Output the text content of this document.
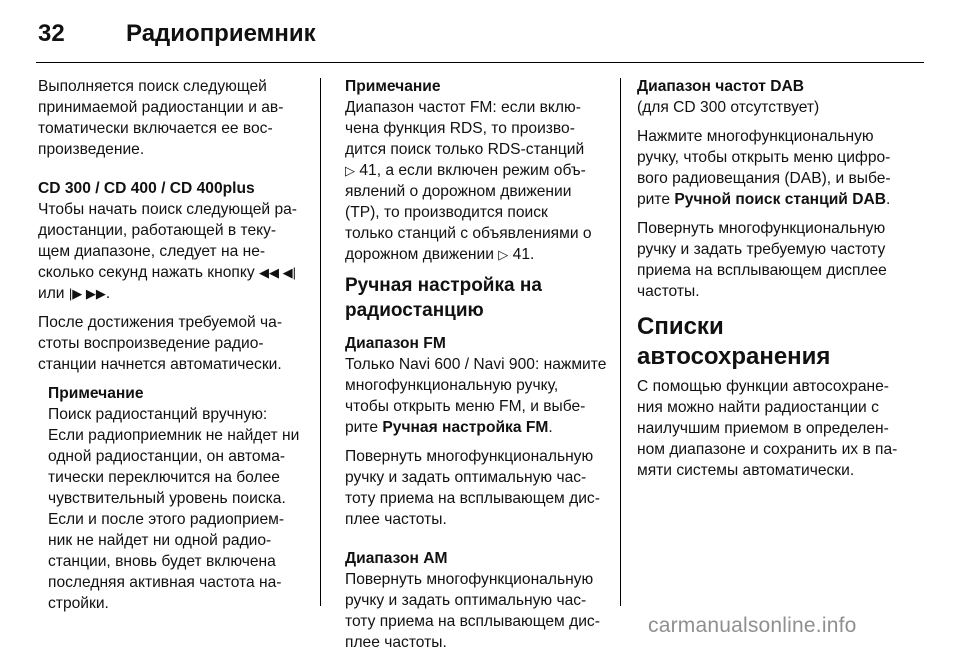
32	Радиоприемник
Выполняется поиск следующей
принимаемой радиостанции и ав-
томатически включается ее вос-
произведение.
CD 300 / CD 400 / CD 400plus
Чтобы начать поиск следующей ра-
диостанции, работающей в теку-
щем диапазоне, следует на не-
сколько секунд нажать кнопку ◀◀ ◀|
или |▶ ▶▶.
После достижения требуемой ча-
стоты воспроизведение радио-
станции начнется автоматически.
Примечание
Поиск радиостанций вручную:
Если радиоприемник не найдет ни
одной радиостанции, он автома-
тически переключится на более
чувствительный уровень поиска.
Если и после этого радиоприем-
ник не найдет ни одной радио-
станции, вновь будет включена
последняя активная частота на-
стройки.
Примечание
Диапазон частот FM: если вклю-
чена функция RDS, то произво-
дится поиск только RDS-станций
▷ 41, а если включен режим объ-
явлений о дорожном движении
(TP), то производится поиск
только станций с объявлениями о
дорожном движении ▷ 41.
Ручная настройка на
радиостанцию
Диапазон FM
Только Navi 600 / Navi 900: нажмите
многофункциональную ручку,
чтобы открыть меню FM, и выбе-
рите Ручная настройка FM.
Повернуть многофункциональную
ручку и задать оптимальную час-
тоту приема на всплывающем дис-
плее частоты.
Диапазон AM
Повернуть многофункциональную
ручку и задать оптимальную час-
тоту приема на всплывающем дис-
плее частоты.
Диапазон частот DAB
(для CD 300 отсутствует)
Нажмите многофункциональную
ручку, чтобы открыть меню цифро-
вого радиовещания (DAB), и выбе-
рите Ручной поиск станций DAB.
Повернуть многофункциональную
ручку и задать требуемую частоту
приема на всплывающем дисплее
частоты.
Списки автосохранения
С помощью функции автосохране-
ния можно найти радиостанции с
наилучшим приемом в определен-
ном диапазоне и сохранить их в па-
мяти системы автоматически.
carmanualsonline.info
